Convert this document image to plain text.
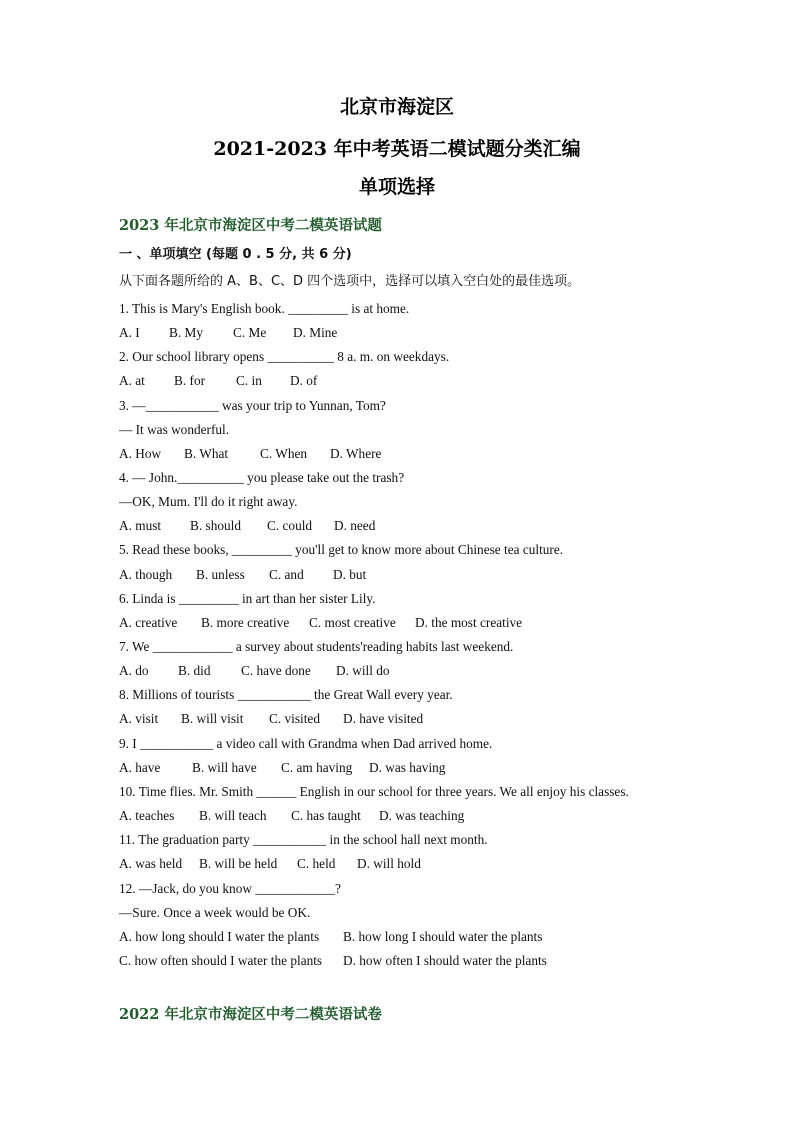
北京市海淀区
2021-2023 年中考英语二模试题分类汇编
单项选择
2023 年北京市海淀区中考二模英语试题
一 、单项填空 (每题 0 . 5 分, 共 6 分)
从下面各题所给的 A、B、C、D 四个选项中，选择可以填入空白处的最佳选项。
1. This is Mary's English book. _________ is at home.
A. I B. My C. Me D. Mine
2. Our school library opens __________ 8 a. m. on weekdays.
A. at B. for C. in D. of
3. —___________ was your trip to Yunnan, Tom?
— It was wonderful.
A. How B. What C. When D. Where
4. — John.__________ you please take out the trash?
—OK, Mum. I'll do it right away.
A. must B. should C. could D. need
5. Read these books, _________ you'll get to know more about Chinese tea culture.
A. though B. unless C. and D. but
6. Linda is _________ in art than her sister Lily.
A. creative B. more creative C. most creative D. the most creative
7. We ____________ a survey about students'reading habits last weekend.
A. do B. did C. have done D. will do
8. Millions of tourists ___________ the Great Wall every year.
A. visit B. will visit C. visited D. have visited
9. I ___________ a video call with Grandma when Dad arrived home.
A. have B. will have C. am having D. was having
10. Time flies. Mr. Smith ______ English in our school for three years. We all enjoy his classes.
A. teaches B. will teach C. has taught D. was teaching
11. The graduation party ___________ in the school hall next month.
A. was held B. will be held C. held D. will hold
12. —Jack, do you know ____________?
—Sure. Once a week would be OK.
A. how long should I water the plants B. how long I should water the plants
C. how often should I water the plants D. how often I should water the plants
2022 年北京市海淀区中考二模英语试卷
